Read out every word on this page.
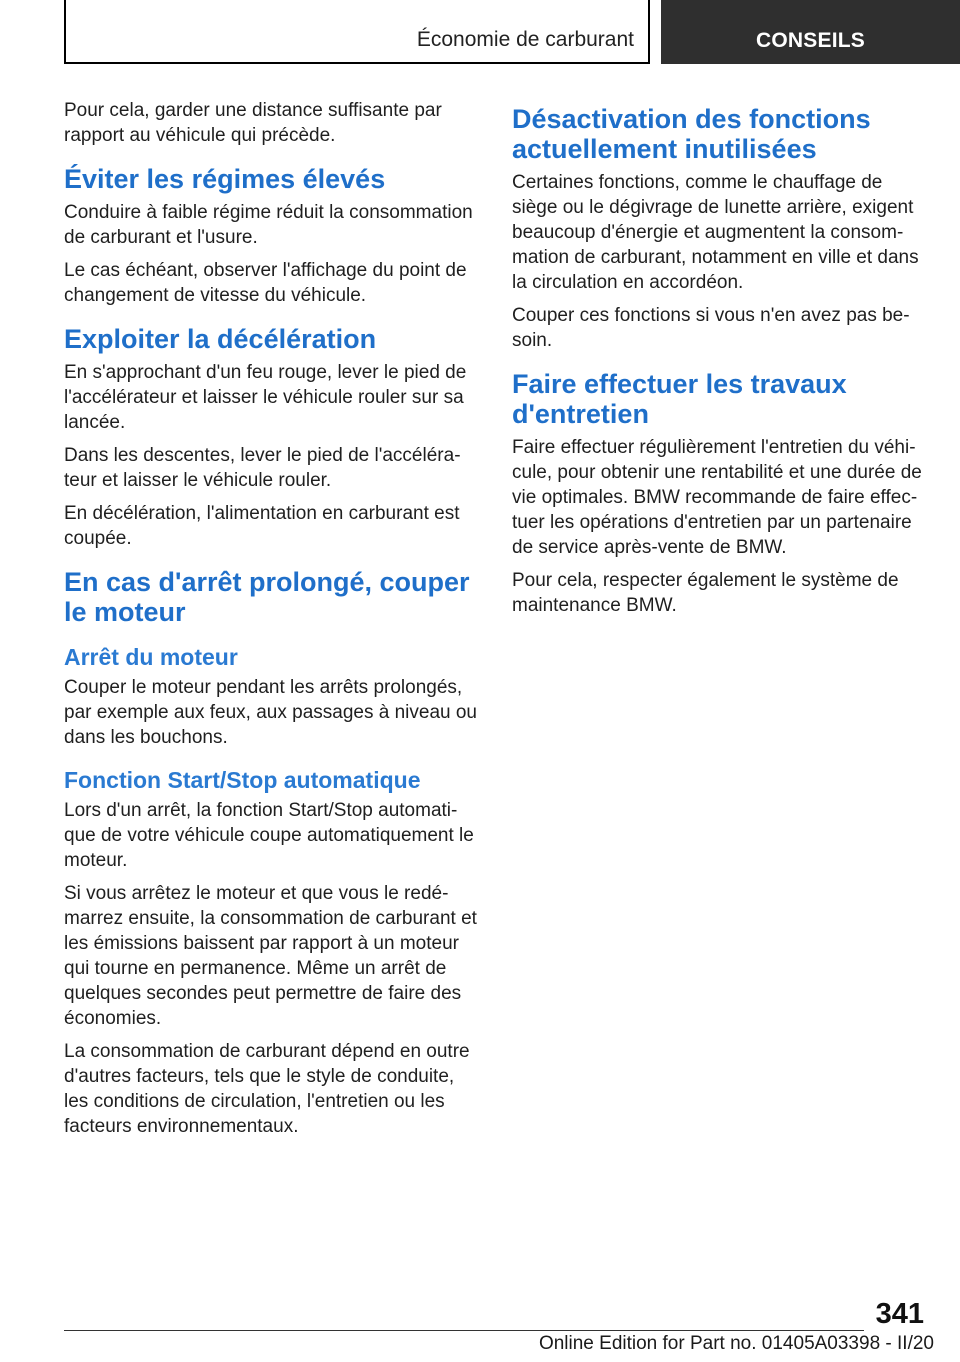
Économie de carburant	CONSEILS

Pour cela, garder une distance suffisante par rapport au véhicule qui précède.

Éviter les régimes élevés

Conduire à faible régime réduit la consommation de carburant et l'usure.

Le cas échéant, observer l'affichage du point de changement de vitesse du véhicule.

Exploiter la décélération

En s'approchant d'un feu rouge, lever le pied de l'accélérateur et laisser le véhicule rouler sur sa lancée.

Dans les descentes, lever le pied de l'accélérateur et laisser le véhicule rouler.

En décélération, l'alimentation en carburant est coupée.

En cas d'arrêt prolongé, couper le moteur
Arrêt du moteur

Couper le moteur pendant les arrêts prolongés, par exemple aux feux, aux passages à niveau ou dans les bouchons.

Fonction Start/Stop automatique

Lors d'un arrêt, la fonction Start/Stop automatique de votre véhicule coupe automatiquement le moteur.

Si vous arrêtez le moteur et que vous le redémarrez ensuite, la consommation de carburant et les émissions baissent par rapport à un moteur qui tourne en permanence. Même un arrêt de quelques secondes peut permettre de faire des économies.

La consommation de carburant dépend en outre d'autres facteurs, tels que le style de conduite, les conditions de circulation, l'entretien ou les facteurs environnementaux.

Désactivation des fonctions actuellement inutilisées

Certaines fonctions, comme le chauffage de siège ou le dégivrage de lunette arrière, exigent beaucoup d'énergie et augmentent la consommation de carburant, notamment en ville et dans la circulation en accordéon.

Couper ces fonctions si vous n'en avez pas besoin.

Faire effectuer les travaux d'entretien

Faire effectuer régulièrement l'entretien du véhicule, pour obtenir une rentabilité et une durée de vie optimales. BMW recommande de faire effectuer les opérations d'entretien par un partenaire de service après-vente de BMW.

Pour cela, respecter également le système de maintenance BMW.

341
Online Edition for Part no. 01405A03398 - II/20
